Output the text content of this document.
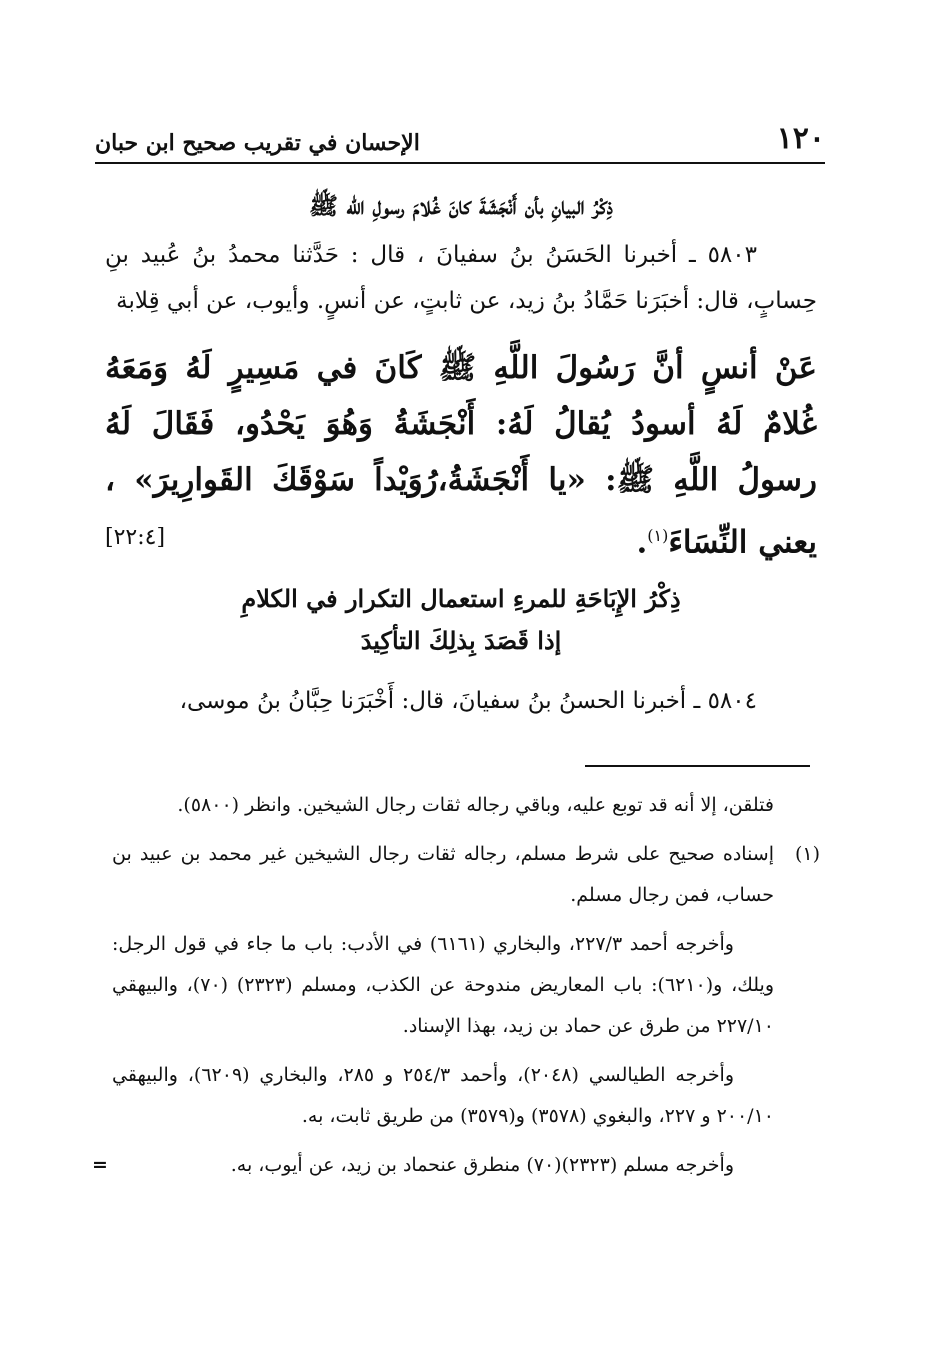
١٢٠
الإحسان في تقريب صحيح ابن حبان
ذِكْرُ البيانِ بأن أَنْجَشَةَ كانَ غُلامَ رسولِ الله ﷺ

٥٨٠٣ ـ أخبرنا الحَسَنُ بنُ سفيانَ ، قال : حَدَّثنا محمدُ بنُ عُبيد بنِ حِسابٍ، قال: أخبَرَنا حَمَّادُ بنُ زيد، عن ثابتٍ، عن أنسٍ. وأيوب، عن أبي قِلابة

عَنْ أنسٍ أنَّ رَسُولَ اللَّهِ ﷺ كَانَ في مَسِيرٍ لَهُ وَمَعَهُ غُلامٌ لَهُ أسودُ يُقالُ لَهُ: أَنْجَشَةُ وَهُوَ يَحْدُو، فَقَالَ لَهُ رسولُ اللَّهِ ﷺ: «يا أَنْجَشَةُ،رُوَيْداً سَوْقَكَ القَوارِيرَ» ، يعني النِّسَاءَ$^{(١)}$.
[٢٢:٤]

ذِكْرُ الإِبَاحَةِ للمرءِ استعمال التكرار في الكلامِ
إذا قَصَدَ بِذلِكَ التأكِيدَ

٥٨٠٤ ـ أخبرنا الحسنُ بنُ سفيانَ، قال: أَخْبَرَنا حِبَّانُ بنُ موسى،

فتلقن، إلا أنه قد توبع عليه، وباقي رجاله ثقات رجال الشيخين. وانظر (٥٨٠٠).

(١)
إسناده صحيح على شرط مسلم، رجاله ثقات رجال الشيخين غير محمد بن عبيد بن حساب، فمن رجال مسلم.

وأخرجه أحمد ٢٢٧/٣، والبخاري (٦١٦١) في الأدب: باب ما جاء في قول الرجل: ويلك، و(٦٢١٠): باب المعاريض مندوحة عن الكذب، ومسلم (٢٣٢٣) (٧٠)، والبيهقي ٢٢٧/١٠ من طرق عن حماد بن زيد، بهذا الإسناد.

وأخرجه الطيالسي (٢٠٤٨)، وأحمد ٢٥٤/٣ و ٢٨٥، والبخاري (٦٢٠٩)، والبيهقي ٢٠٠/١٠ و ٢٢٧، والبغوي (٣٥٧٨) و(٣٥٧٩) من طريق ثابت، به.

وأخرجه مسلم (٢٣٢٣)(٧٠) منطرق عنحماد بن زيد، عن أيوب، به.
=
